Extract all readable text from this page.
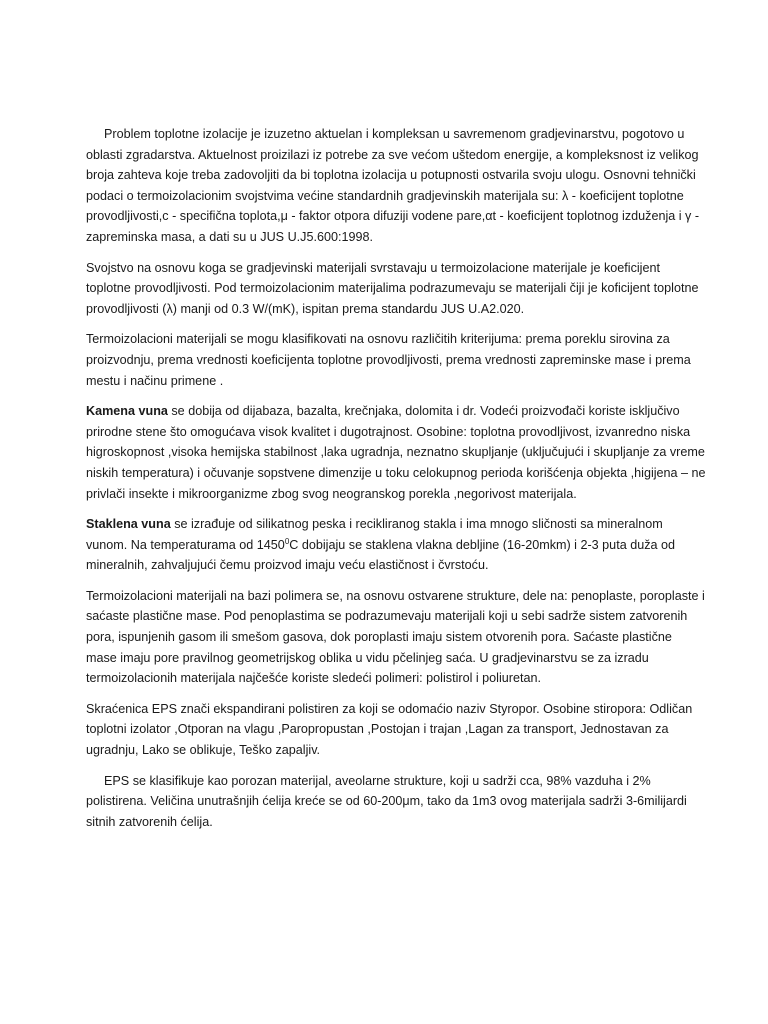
Problem toplotne izolacije je izuzetno aktuelan i kompleksan u savremenom gradjevinarstvu, pogotovo u oblasti zgradarstva. Aktuelnost proizilazi iz potrebe za sve većom uštedom energije, a kompleksnost iz velikog broja zahteva koje treba zadovoljiti da bi toplotna izolacija u potupnosti ostvarila svoju ulogu. Osnovni tehnički podaci o termoizolacionim svojstvima većine standardnih gradjevinskih materijala su: λ - koeficijent toplotne provodljivosti,c - specifična toplota,μ - faktor otpora difuziji vodene pare,αt - koeficijent toplotnog izduženja i γ - zapreminska masa, a dati su u JUS U.J5.600:1998.

Svojstvo na osnovu koga se gradjevinski materijali svrstavaju u termoizolacione materijale je koeficijent toplotne provodljivosti. Pod termoizolacionim materijalima podrazumevaju se materijali čiji je koficijent toplotne provodljivosti (λ) manji od 0.3 W/(mK), ispitan prema standardu JUS U.A2.020.

Termoizolacioni materijali se mogu klasifikovati na osnovu različitih kriterijuma: prema poreklu sirovina za proizvodnju, prema vrednosti koeficijenta toplotne provodljivosti, prema vrednosti zapreminske mase i prema mestu i načinu primene .

Kamena vuna se dobija od dijabaza, bazalta, krečnjaka, dolomita i dr. Vodeći proizvođači koriste isključivo prirodne stene što omogućava visok kvalitet i dugotrajnost. Osobine: toplotna provodljivost, izvanredno niska higroskopnost ,visoka hemijska stabilnost ,laka ugradnja, neznatno skupljanje (uključujući i skupljanje za vreme niskih temperatura) i očuvanje sopstvene dimenzije u toku celokupnog perioda korišćenja objekta ,higijena – ne privlači insekte i mikroorganizme zbog svog neogranskog porekla ,negorivost materijala.

Staklena vuna se izrađuje od silikatnog peska i recikliranog stakla i ima mnogo sličnosti sa mineralnom vunom. Na temperaturama od 1450$^0$C dobijaju se staklena vlakna debljine (16-20mkm) i 2-3 puta duža od mineralnih, zahvaljujući čemu proizvod imaju veću elastičnost i čvrstoću.

Termoizolacioni materijali na bazi polimera se, na osnovu ostvarene strukture, dele na: penoplaste, poroplaste i saćaste plastične mase. Pod penoplastima se podrazumevaju materijali koji u sebi sadrže sistem zatvorenih pora, ispunjenih gasom ili smešom gasova, dok poroplasti imaju sistem otvorenih pora. Saćaste plastične mase imaju pore pravilnog geometrijskog oblika u vidu pčelinjeg saća. U gradjevinarstvu se za izradu termoizolacionih materijala najčešće koriste sledeći polimeri: polistirol i poliuretan.

Skraćenica EPS znači ekspandirani polistiren za koji se odomaćio naziv Styropor. Osobine stiropora: Odličan toplotni izolator ,Otporan na vlagu ,Paropropustan ,Postojan i trajan ,Lagan za transport, Jednostavan za ugradnju, Lako se oblikuje, Teško zapaljiv.

EPS se klasifikuje kao porozan materijal, aveolarne strukture, koji u sadrži cca, 98% vazduha i 2% polistirena. Veličina unutrašnjih ćelija kreće se od 60-200μm, tako da 1m3 ovog materijala sadrži 3-6milijardi sitnih zatvorenih ćelija.
